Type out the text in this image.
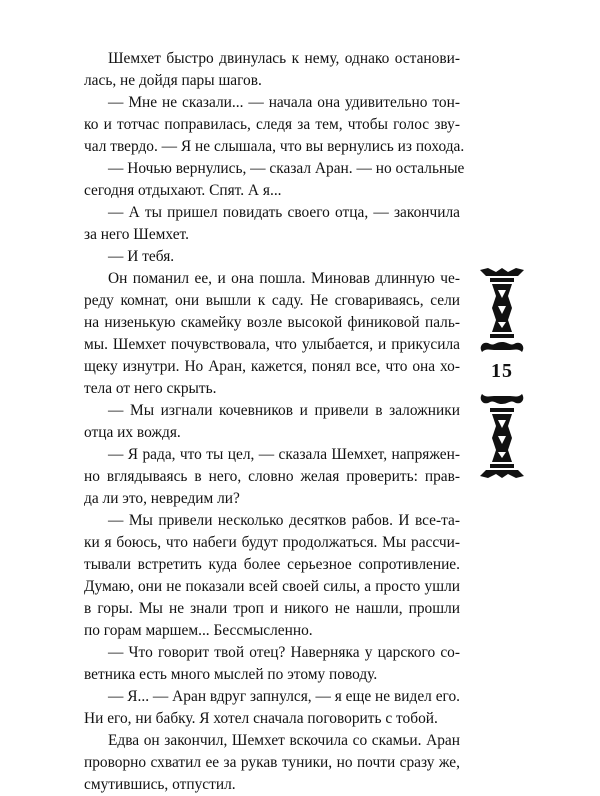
Шемхет быстро двинулась к нему, однако останови-
лась, не дойдя пары шагов.
— Мне не сказали... — начала она удивительно тон-
ко и тотчас поправилась, следя за тем, чтобы голос зву-
чал твердо. — Я не слышала, что вы вернулись из похода.
— Ночью вернулись, — сказал Аран. — но остальные
сегодня отдыхают. Спят. А я...
— А ты пришел повидать своего отца, — закончила
за него Шемхет.
— И тебя.
Он поманил ее, и она пошла. Миновав длинную че-
реду комнат, они вышли к саду. Не сговариваясь, сели
на низенькую скамейку возле высокой финиковой паль-
мы. Шемхет почувствовала, что улыбается, и прикусила
щеку изнутри. Но Аран, кажется, понял все, что она хо-
тела от него скрыть.
— Мы изгнали кочевников и привели в заложники
отца их вождя.
— Я рада, что ты цел, — сказала Шемхет, напряжен-
но вглядываясь в него, словно желая проверить: прав-
да ли это, невредим ли?
— Мы привели несколько десятков рабов. И все-та-
ки я боюсь, что набеги будут продолжаться. Мы рассчи-
тывали встретить куда более серьезное сопротивление.
Думаю, они не показали всей своей силы, а просто ушли
в горы. Мы не знали троп и никого не нашли, прошли
по горам маршем... Бессмысленно.
— Что говорит твой отец? Наверняка у царского со-
ветника есть много мыслей по этому поводу.
— Я... — Аран вдруг запнулся, — я еще не видел его.
Ни его, ни бабку. Я хотел сначала поговорить с тобой.
Едва он закончил, Шемхет вскочила со скамьи. Аран
проворно схватил ее за рукав туники, но почти сразу же,
смутившись, отпустил.
15
